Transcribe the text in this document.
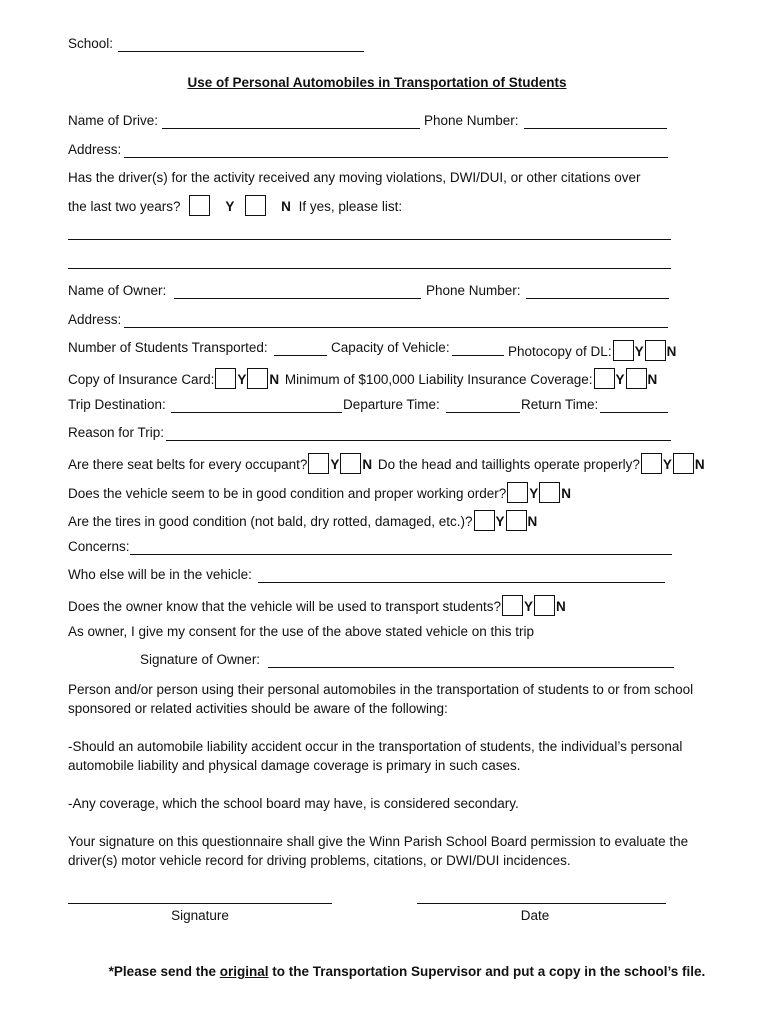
School:
Use of Personal Automobiles in Transportation of Students
Name of Drive:	Phone Number:
Address:
Has the driver(s) for the activity received any moving violations, DWI/DUI, or other citations over
the last two years?	Y	N If yes, please list:
Name of Owner:	Phone Number:
Address:
Number of Students Transported:	Capacity of Vehicle:	Photocopy of DL: Y N
Copy of Insurance Card: Y N Minimum of $100,000 Liability Insurance Coverage: Y N
Trip Destination:	Departure Time:	Return Time:
Reason for Trip:
Are there seat belts for every occupant? Y N Do the head and taillights operate properly? Y N
Does the vehicle seem to be in good condition and proper working order? Y N
Are the tires in good condition (not bald, dry rotted, damaged, etc.)? Y N
Concerns:
Who else will be in the vehicle:
Does the owner know that the vehicle will be used to transport students? Y N
As owner, I give my consent for the use of the above stated vehicle on this trip
Signature of Owner:
Person and/or person using their personal automobiles in the transportation of students to or from school sponsored or related activities should be aware of the following:
-Should an automobile liability accident occur in the transportation of students, the individual’s personal automobile liability and physical damage coverage is primary in such cases.
-Any coverage, which the school board may have, is considered secondary.
Your signature on this questionnaire shall give the Winn Parish School Board permission to evaluate the driver(s) motor vehicle record for driving problems, citations, or DWI/DUI incidences.
Signature	Date
*Please send the original to the Transportation Supervisor and put a copy in the school’s file.
